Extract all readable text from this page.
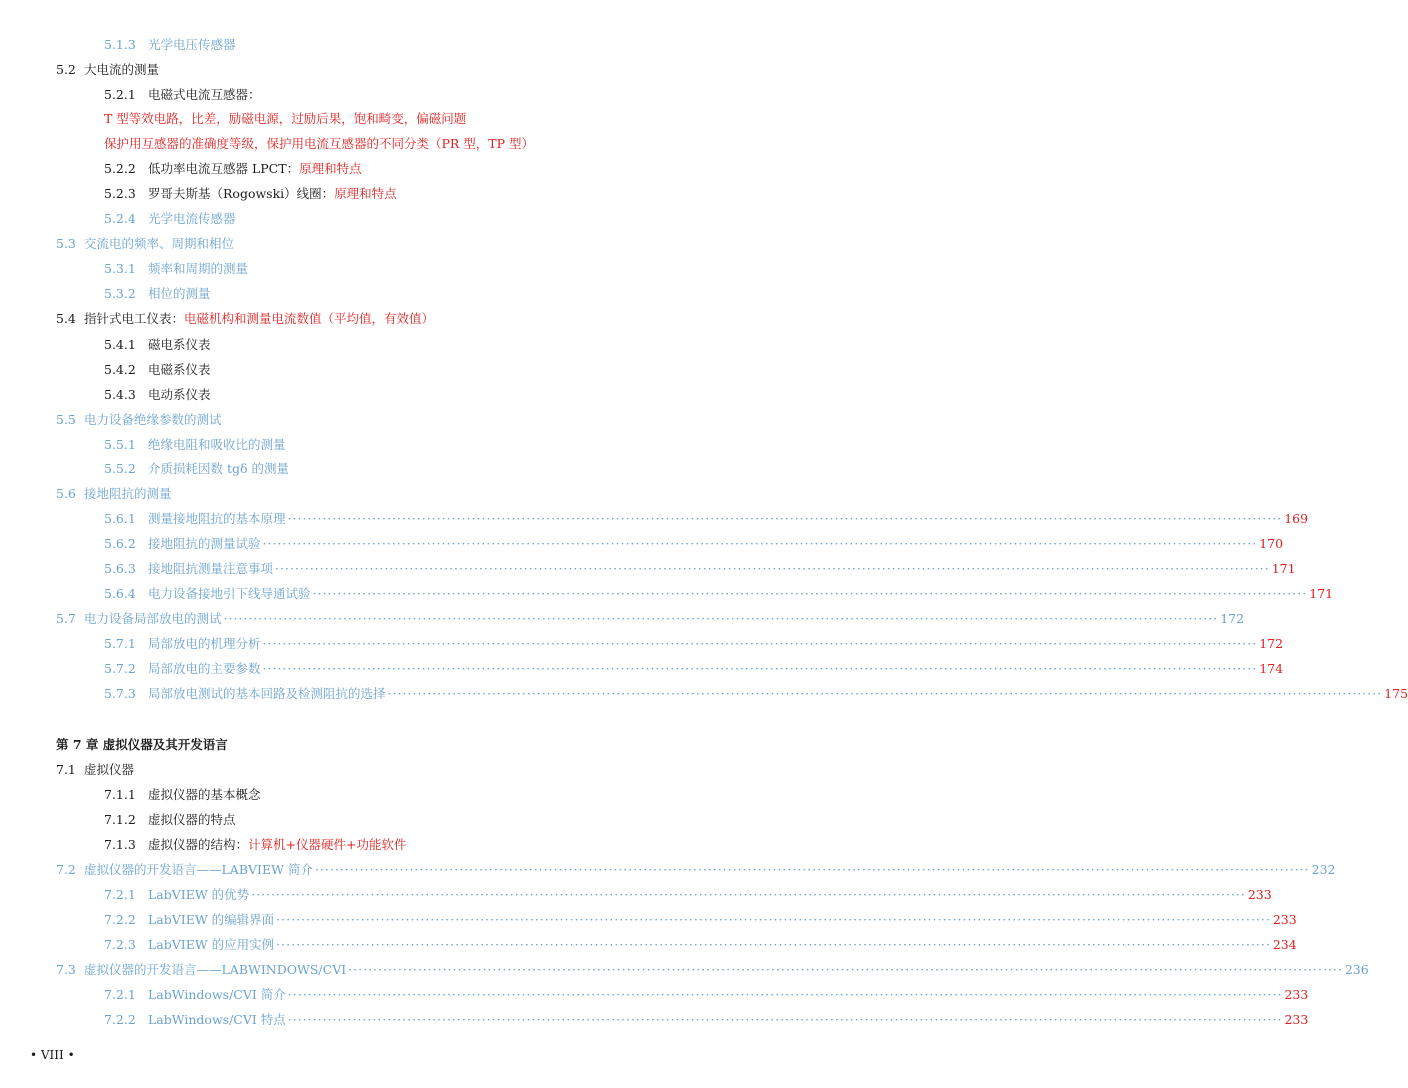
5.1.3 光学电压传感器
5.2 大电流的测量
5.2.1 电磁式电流互感器：
T 型等效电路，比差，励磁电源，过励后果，饱和畸变，偏磁问题
保护用互感器的准确度等级，保护用电流互感器的不同分类（PR 型，TP 型）
5.2.2 低功率电流互感器 LPCT：原理和特点
5.2.3 罗哥夫斯基（Rogowski）线圈：原理和特点
5.2.4 光学电流传感器
5.3 交流电的频率、周期和相位
5.3.1 频率和周期的测量
5.3.2 相位的测量
5.4 指针式电工仪表：电磁机构和测量电流数值（平均值，有效值）
5.4.1 磁电系仪表
5.4.2 电磁系仪表
5.4.3 电动系仪表
5.5 电力设备绝缘参数的测试
5.5.1 绝缘电阻和吸收比的测量
5.5.2 介质损耗因数 tgδ 的测量
5.6 接地阻抗的测量
5.6.1 测量接地阻抗的基本原理 ········································································································································································································ 169
5.6.2 接地阻抗的测量试验 ········································································································································································································ 170
5.6.3 接地阻抗测量注意事项 ········································································································································································································ 171
5.6.4 电力设备接地引下线导通试验 ········································································································································································································ 171
5.7 电力设备局部放电的测试 ········································································································································································································ 172
5.7.1 局部放电的机理分析 ········································································································································································································ 172
5.7.2 局部放电的主要参数 ········································································································································································································ 174
5.7.3 局部放电测试的基本回路及检测阻抗的选择 ········································································································································································································ 175
第 7 章 虚拟仪器及其开发语言
7.1 虚拟仪器
7.1.1 虚拟仪器的基本概念
7.1.2 虚拟仪器的特点
7.1.3 虚拟仪器的结构：计算机+仪器硬件+功能软件
7.2 虚拟仪器的开发语言——LABVIEW 简介 ········································································································································································································ 232
7.2.1 LabVIEW 的优势 ········································································································································································································ 233
7.2.2 LabVIEW 的编辑界面 ········································································································································································································ 233
7.2.3 LabVIEW 的应用实例 ········································································································································································································ 234
7.3 虚拟仪器的开发语言——LABWINDOWS/CVI ········································································································································································································ 236
7.2.1 LabWindows/CVI 简介 ········································································································································································································ 233
7.2.2 LabWindows/CVI 特点 ········································································································································································································ 233
• VIII •
